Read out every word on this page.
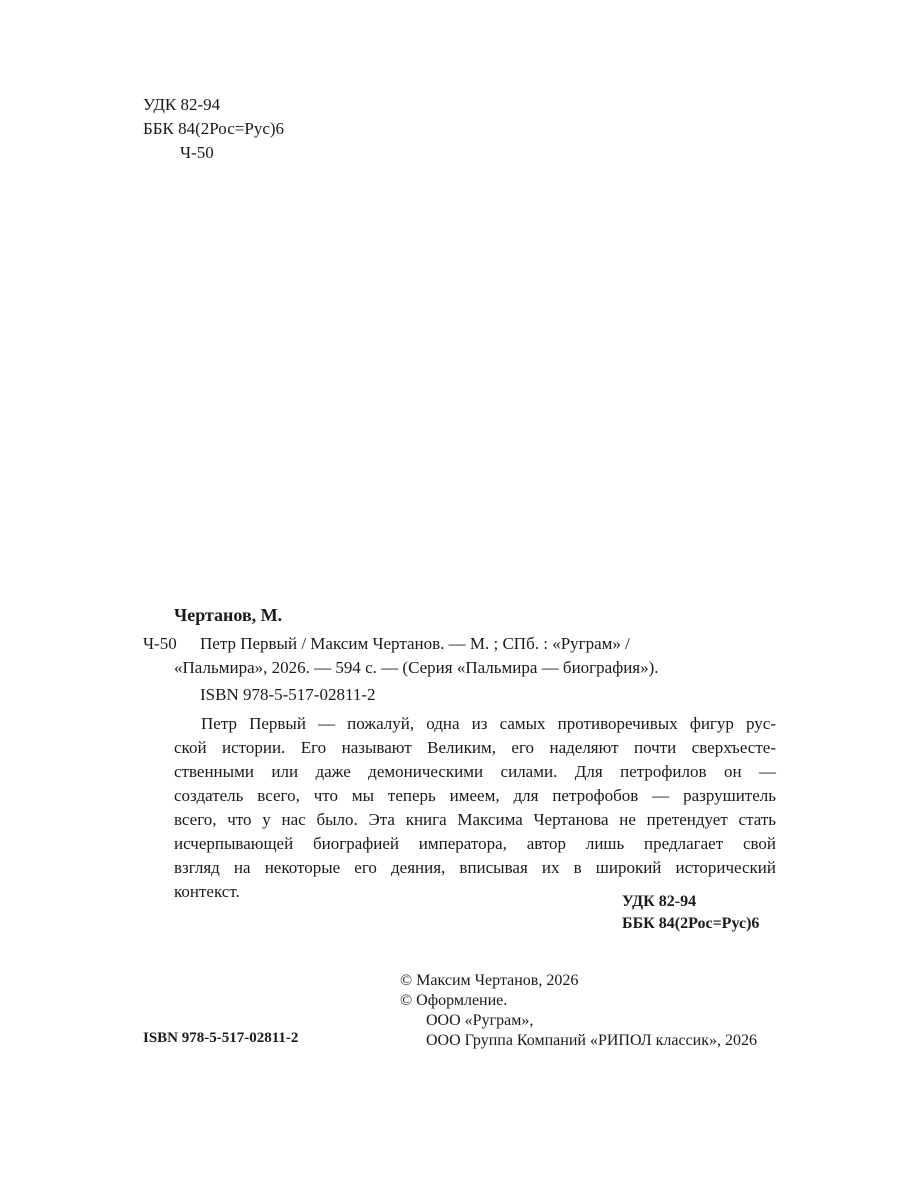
УДК 82-94
ББК 84(2Рос=Рус)6
Ч-50
Чертанов, М.
Ч-50 Петр Первый / Максим Чертанов. — М. ; СПб. : «Руграм» /
«Пальмира», 2026. — 594 с. — (Серия «Пальмира — биография»).
ISBN 978-5-517-02811-2
Петр Первый — пожалуй, одна из самых противоречивых фигур рус-
ской истории. Его называют Великим, его наделяют почти сверхъесте-
ственными или даже демоническими силами. Для петрофилов он —
создатель всего, что мы теперь имеем, для петрофобов — разрушитель
всего, что у нас было. Эта книга Максима Чертанова не претендует стать
исчерпывающей биографией императора, автор лишь предлагает свой
взгляд на некоторые его деяния, вписывая их в широкий исторический
контекст.
УДК 82-94
ББК 84(2Рос=Рус)6
© Максим Чертанов, 2026
© Оформление.
ООО «Руграм»,
ООО Группа Компаний «РИПОЛ классик», 2026
ISBN 978-5-517-02811-2
